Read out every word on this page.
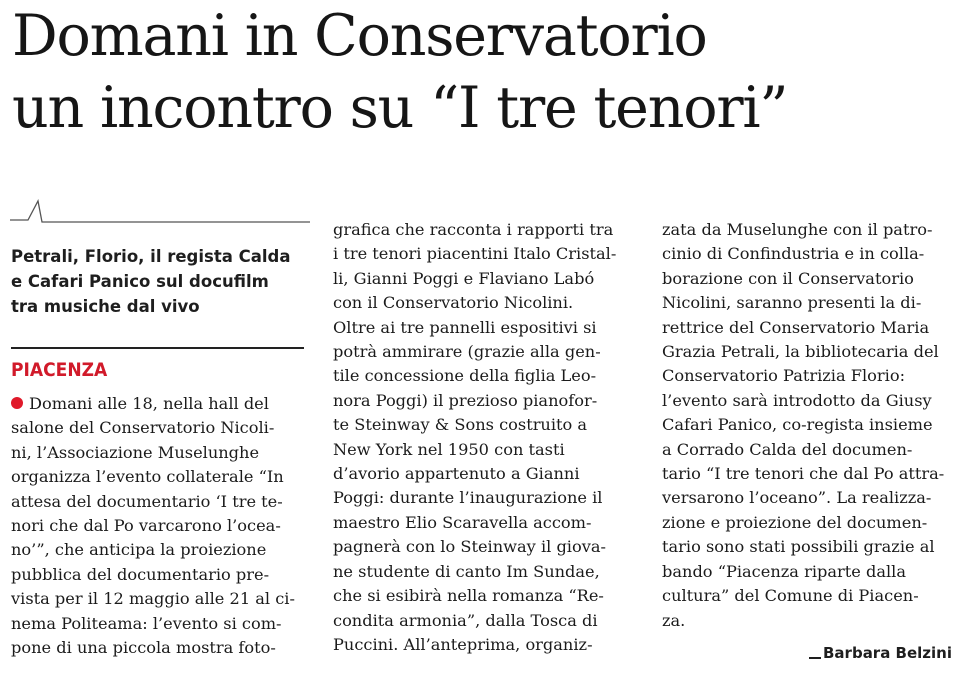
Domani in Conservatorio
un incontro su “I tre tenori”
Petrali, Florio, il regista Calda
e Cafari Panico sul docufilm
tra musiche dal vivo
PIACENZA
Domani alle 18, nella hall del
salone del Conservatorio Nicoli-
ni, l’Associazione Muselunghe
organizza l’evento collaterale “In
attesa del documentario ‘I tre te-
nori che dal Po varcarono l’ocea-
no’”, che anticipa la proiezione
pubblica del documentario pre-
vista per il 12 maggio alle 21 al ci-
nema Politeama: l’evento si com-
pone di una piccola mostra foto-
grafica che racconta i rapporti tra
i tre tenori piacentini Italo Cristal-
li, Gianni Poggi e Flaviano Labó
con il Conservatorio Nicolini.
Oltre ai tre pannelli espositivi si
potrà ammirare (grazie alla gen-
tile concessione della figlia Leo-
nora Poggi) il prezioso pianofor-
te Steinway & Sons costruito a
New York nel 1950 con tasti
d’avorio appartenuto a Gianni
Poggi: durante l’inaugurazione il
maestro Elio Scaravella accom-
pagnerà con lo Steinway il giova-
ne studente di canto Im Sundae,
che si esibirà nella romanza “Re-
condita armonia”, dalla Tosca di
Puccini. All’anteprima, organiz-
zata da Muselunghe con il patro-
cinio di Confindustria e in colla-
borazione con il Conservatorio
Nicolini, saranno presenti la di-
rettrice del Conservatorio Maria
Grazia Petrali, la bibliotecaria del
Conservatorio Patrizia Florio:
l’evento sarà introdotto da Giusy
Cafari Panico, co-regista insieme
a Corrado Calda del documen-
tario “I tre tenori che dal Po attra-
versarono l’oceano”. La realizza-
zione e proiezione del documen-
tario sono stati possibili grazie al
bando “Piacenza riparte dalla
cultura” del Comune di Piacen-
za.
Barbara Belzini
